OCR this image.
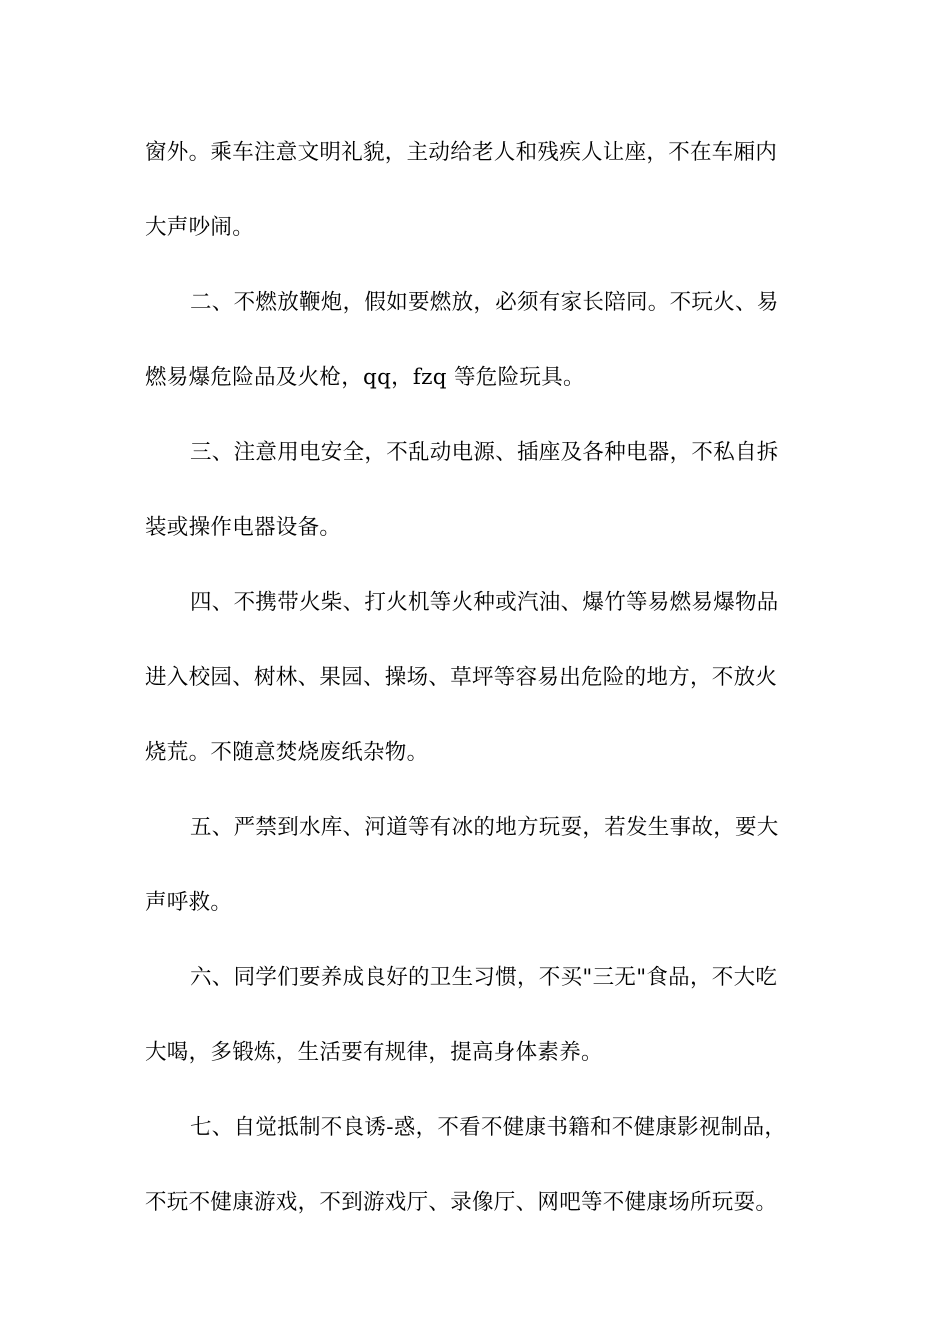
窗外。乘车注意文明礼貌，主动给老人和残疾人让座，不在车厢内
大声吵闹。
二、不燃放鞭炮，假如要燃放，必须有家长陪同。不玩火、易
燃易爆危险品及火枪，qq，fzq 等危险玩具。
三、注意用电安全，不乱动电源、插座及各种电器，不私自拆
装或操作电器设备。
四、不携带火柴、打火机等火种或汽油、爆竹等易燃易爆物品
进入校园、树林、果园、操场、草坪等容易出危险的地方，不放火
烧荒。不随意焚烧废纸杂物。
五、严禁到水库、河道等有冰的地方玩耍，若发生事故，要大
声呼救。
六、同学们要养成良好的卫生习惯，不买"三无"食品，不大吃
大喝，多锻炼，生活要有规律，提高身体素养。
七、自觉抵制不良诱-惑，不看不健康书籍和不健康影视制品，
不玩不健康游戏，不到游戏厅、录像厅、网吧等不健康场所玩耍。
